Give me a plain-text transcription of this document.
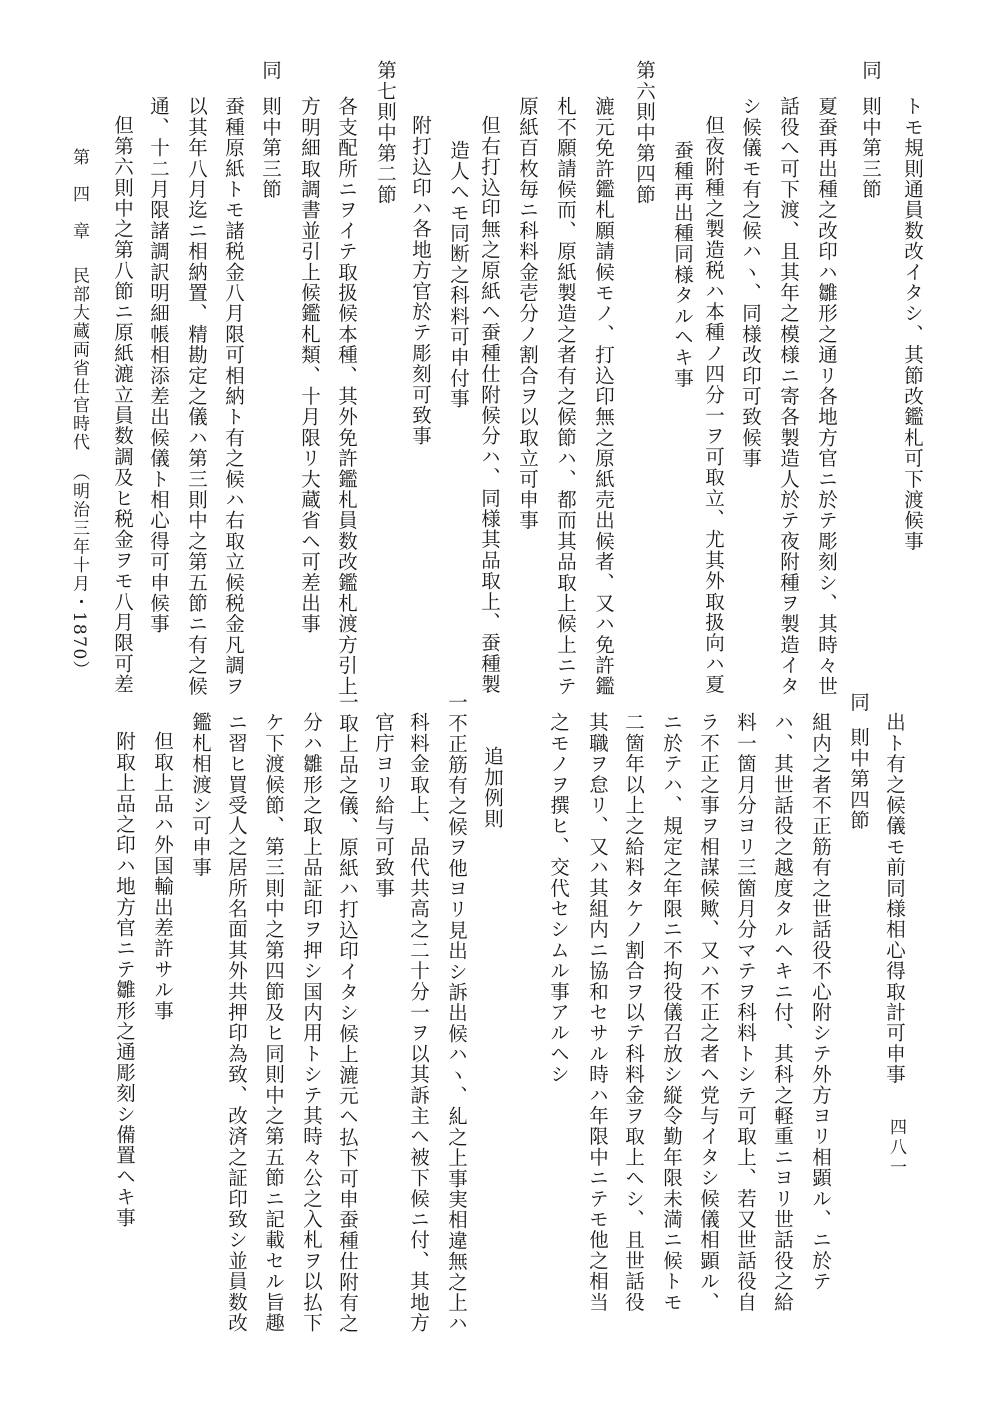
トモ規則通員数改イタシ、其節改鑑札可下渡候事
同
則中第三節
夏蚕再出種之改印ハ雛形之通リ各地方官ニ於テ彫刻シ、其時々世
話役へ可下渡、且其年之模様ニ寄各製造人於テ夜附種ヲ製造イタ
シ候儀モ有之候ハヽ、同様改印可致候事
但夜附種之製造税ハ本種ノ四分一ヲ可取立、尤其外取扱向ハ夏
蚕種再出種同様タルヘキ事
第六則中第四節
漉元免許鑑札願請候モノ、打込印無之原紙売出候者、又ハ免許鑑
札不願請候而、原紙製造之者有之候節ハ、都而其品取上候上ニテ
原紙百枚毎ニ科料金壱分ノ割合ヲ以取立可申事
但右打込印無之原紙ヘ蚕種仕附候分ハ、同様其品取上、蚕種製
造人ヘモ同断之科料可申付事
附打込印ハ各地方官於テ彫刻可致事
第七則中第二節
各支配所ニヲイテ取扱候本種、其外免許鑑札員数改鑑札渡方引上
方明細取調書並引上候鑑札類、十月限リ大蔵省ヘ可差出事
同
則中第三節
蚕種原紙トモ諸税金八月限可相納ト有之候ハ右取立候税金凡調ヲ
以其年八月迄ニ相納置、精勘定之儀ハ第三則中之第五節ニ有之候
通、十二月限諸調訳明細帳相添差出候儀ト相心得可申候事
但第六則中之第八節ニ原紙漉立員数調及ヒ税金ヲモ八月限可差
出ト有之候儀モ前同様相心得取計可申事
同
則中第四節
組内之者不正筋有之世話役不心附シテ外方ヨリ相顕ル、ニ於テ
ハ、其世話役之越度タルヘキニ付、其科之軽重ニヨリ世話役之給
料一箇月分ヨリ三箇月分マテヲ科料トシテ可取上、若又世話役自
ラ不正之事ヲ相謀候歟、又ハ不正之者ヘ党与イタシ候儀相顕ル、
ニ於テハ、規定之年限ニ不拘役儀召放シ縦令勤年限未満ニ候トモ
二箇年以上之給料タケノ割合ヲ以テ科料金ヲ取上ヘシ、且世話役
其職ヲ怠リ、又ハ其組内ニ協和セサル時ハ年限中ニテモ他之相当
之モノヲ撰ヒ、交代セシムル事アルヘシ
追加例則
一不正筋有之候ヲ他ヨリ見出シ訴出候ハヽ、糺之上事実相違無之上ハ
科料金取上、品代共高之二十分一ヲ以其訴主ヘ被下候ニ付、其地方
官庁ヨリ給与可致事
一取上品之儀、原紙ハ打込印イタシ候上漉元ヘ払下可申蚕種仕附有之
分ハ雛形之取上品証印ヲ押シ国内用トシテ其時々公之入札ヲ以払下
ケ下渡候節、第三則中之第四節及ヒ同則中之第五節ニ記載セル旨趣
ニ習ヒ買受人之居所名面其外共押印為致、改済之証印致シ並員数改
鑑札相渡シ可申事
但取上品ハ外国輸出差許サル事
附取上品之印ハ地方官ニテ雛形之通彫刻シ備置ヘキ事
第　四　章民部大蔵両省仕官時代（明治三年十月・1870）
四八一
